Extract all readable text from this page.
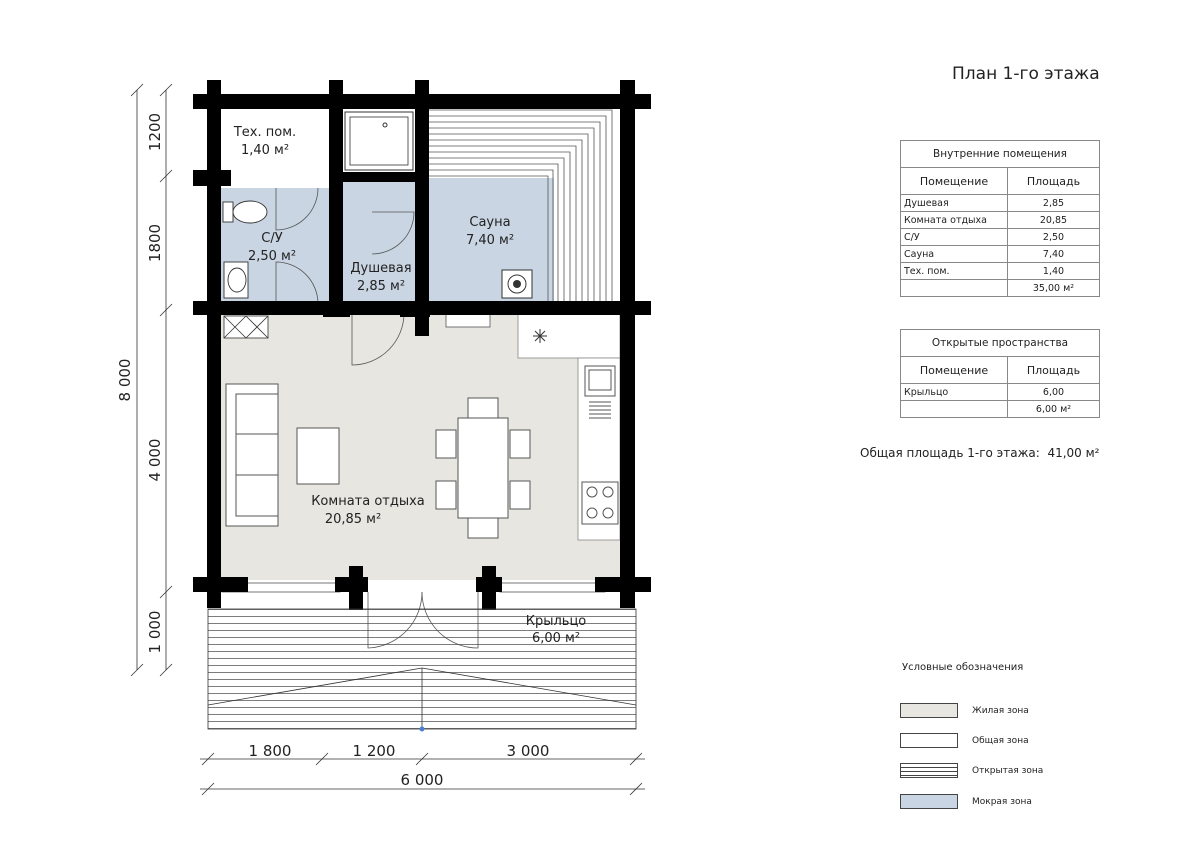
Тех. пом.
1,40 м²
С/У
2,50 м²
Душевая
2,85 м²
Сауна
7,40 м²
Комната отдыха
20,85 м²
Крыльцо
6,00 м²
1200
1800
4 000
1 000
8 000
1 800	1 200	3 000
6 000
План 1-го этажа
Внутренние помещения	
Помещение	Площадь
Душевая	2,85
Комната отдыха	20,85
С/У	2,50
Сауна	7,40
Тех. пом.	1,40
	35,00 м²
Открытые пространства	
Помещение	Площадь
Крыльцо	6,00
	6,00 м²
Общая площадь 1-го этажа: 41,00 м²
Условные обозначения
Жилая зона
Общая зона
Открытая зона
Мокрая зона
